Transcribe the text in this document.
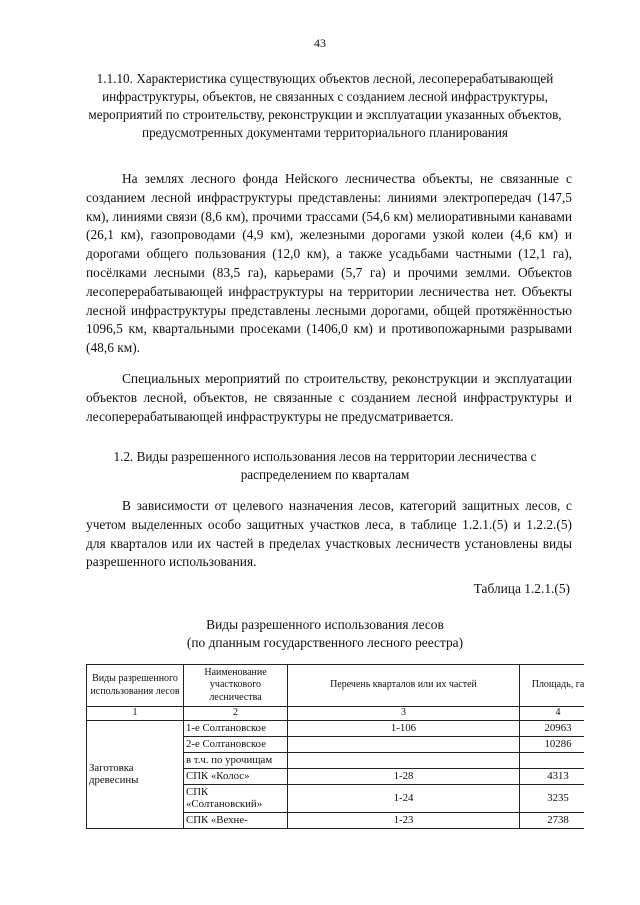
43
1.1.10. Характеристика существующих объектов лесной, лесоперерабатывающей инфраструктуры, объектов, не связанных с созданием лесной инфраструктуры, мероприятий по строительству, реконструкции и эксплуатации указанных объектов, предусмотренных документами территориального планирования

На землях лесного фонда Нейского лесничества объекты, не связанные с созданием лесной инфраструктуры представлены: линиями электропередач (147,5 км), линиями связи (8,6 км), прочими трассами (54,6 км) мелиоративными канавами (26,1 км), газопроводами (4,9 км), железными дорогами узкой колеи (4,6 км) и дорогами общего пользования (12,0 км), а также усадьбами частными (12,1 га), посёлками лесными (83,5 га), карьерами (5,7 га) и прочими землми. Объектов лесоперерабатывающей инфраструктуры на территории лесничества нет. Объекты лесной инфраструктуры представлены лесными дорогами, общей протяжённостью 1096,5 км, квартальными просеками (1406,0 км) и противопожарными разрывами (48,6 км).

Специальных мероприятий по строительству, реконструкции и эксплуатации объектов лесной, объектов, не связанные с созданием лесной инфраструктуры и лесоперерабатывающей инфраструктуры не предусматривается.

1.2. Виды разрешенного использования лесов на территории лесничества с распределением по кварталам

В зависимости от целевого назначения лесов, категорий защитных лесов, с учетом выделенных особо защитных участков леса, в таблице 1.2.1.(5) и 1.2.2.(5) для кварталов или их частей в пределах участковых лесничеств установлены виды разрешенного использования.

Таблица 1.2.1.(5)
Виды разрешенного использования лесов
(по дпанным государственного лесного реестра)
Виды разрешенного использования лесов	Наименование участкового лесничества	Перечень кварталов или их частей	Площадь, га
1	2	3	4
Заготовка древесины	1-е Солтановское	1-106	20963
	2-е Солтановское		10286
	в т.ч. по урочищам		
	СПК «Колос»	1-28	4313
	СПК «Солтановский»	1-24	3235
	СПК «Вехне-	1-23	2738
